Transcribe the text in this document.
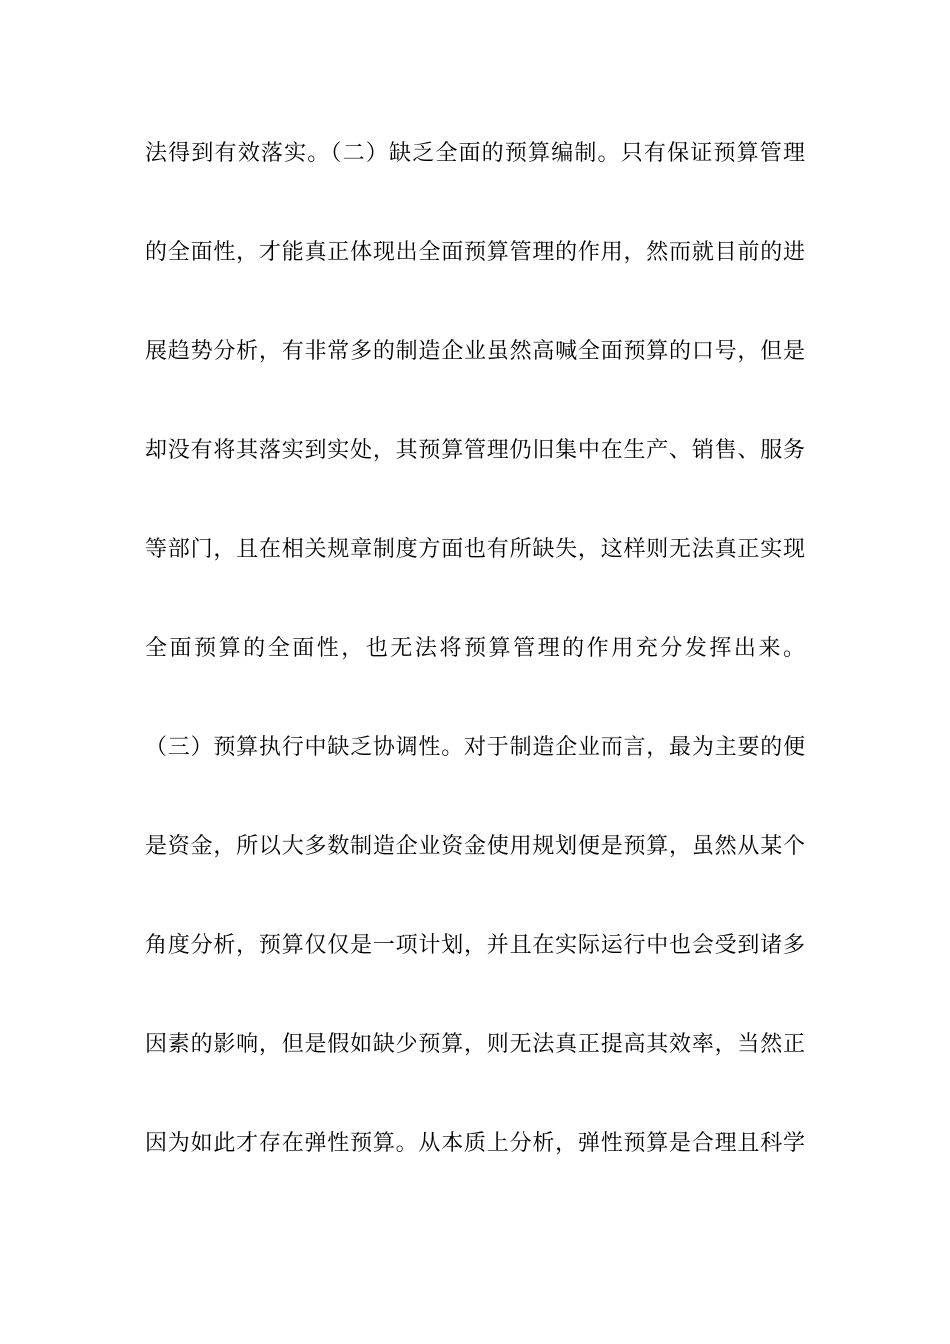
法得到有效落实。（二）缺乏全面的预算编制。只有保证预算管理
的全面性，才能真正体现出全面预算管理的作用，然而就目前的进
展趋势分析，有非常多的制造企业虽然高喊全面预算的口号，但是
却没有将其落实到实处，其预算管理仍旧集中在生产、销售、服务
等部门，且在相关规章制度方面也有所缺失，这样则无法真正实现
全面预算的全面性，也无法将预算管理的作用充分发挥出来。
（三）预算执行中缺乏协调性。对于制造企业而言，最为主要的便
是资金，所以大多数制造企业资金使用规划便是预算，虽然从某个
角度分析，预算仅仅是一项计划，并且在实际运行中也会受到诸多
因素的影响，但是假如缺少预算，则无法真正提高其效率，当然正
因为如此才存在弹性预算。从本质上分析，弹性预算是合理且科学
